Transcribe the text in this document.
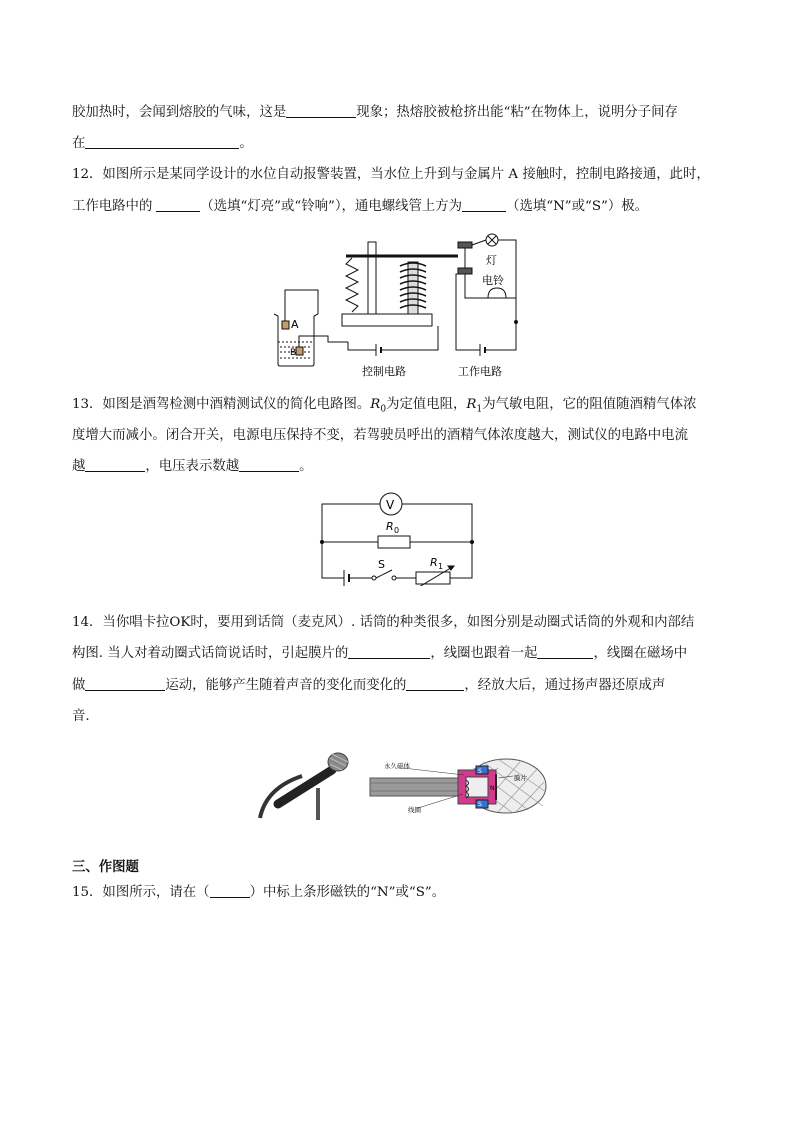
胶加热时，会闻到熔胶的气味，这是	现象；热熔胶被枪挤出能“粘”在物体上，说明分子间存
在	。
12．如图所示是某同学设计的水位自动报警装置，当水位上升到与金属片 A 接触时，控制电路接通，此时，
工作电路中的	（选填“灯亮”或“铃响”），通电螺线管上方为	（选填“N”或“S”）极。
A
B
灯
电铃
控制电路	工作电路
13．如图是酒驾检测中酒精测试仪的简化电路图。$R_0$为定值电阻，$R_1$为气敏电阻，它的阻值随酒精气体浓
度增大而减小。闭合开关，电源电压保持不变，若驾驶员呼出的酒精气体浓度越大，测试仪的电路中电流
越	，电压表示数越	。
V
R 0
S	R 1
14．当你唱卡拉OK时，要用到话筒（麦克风）. 话筒的种类很多，如图分别是动圈式话筒的外观和内部结
构图. 当人对着动圈式话筒说话时，引起膜片的	，线圈也跟着一起	，线圈在磁场中
做	运动，能够产生随着声音的变化而变化的	，经放大后，通过扬声器还原成声
音.
永久磁体
膜片
线圈
S
S
N
三、作图题
15．如图所示，请在（	）中标上条形磁铁的“N”或“S”。
